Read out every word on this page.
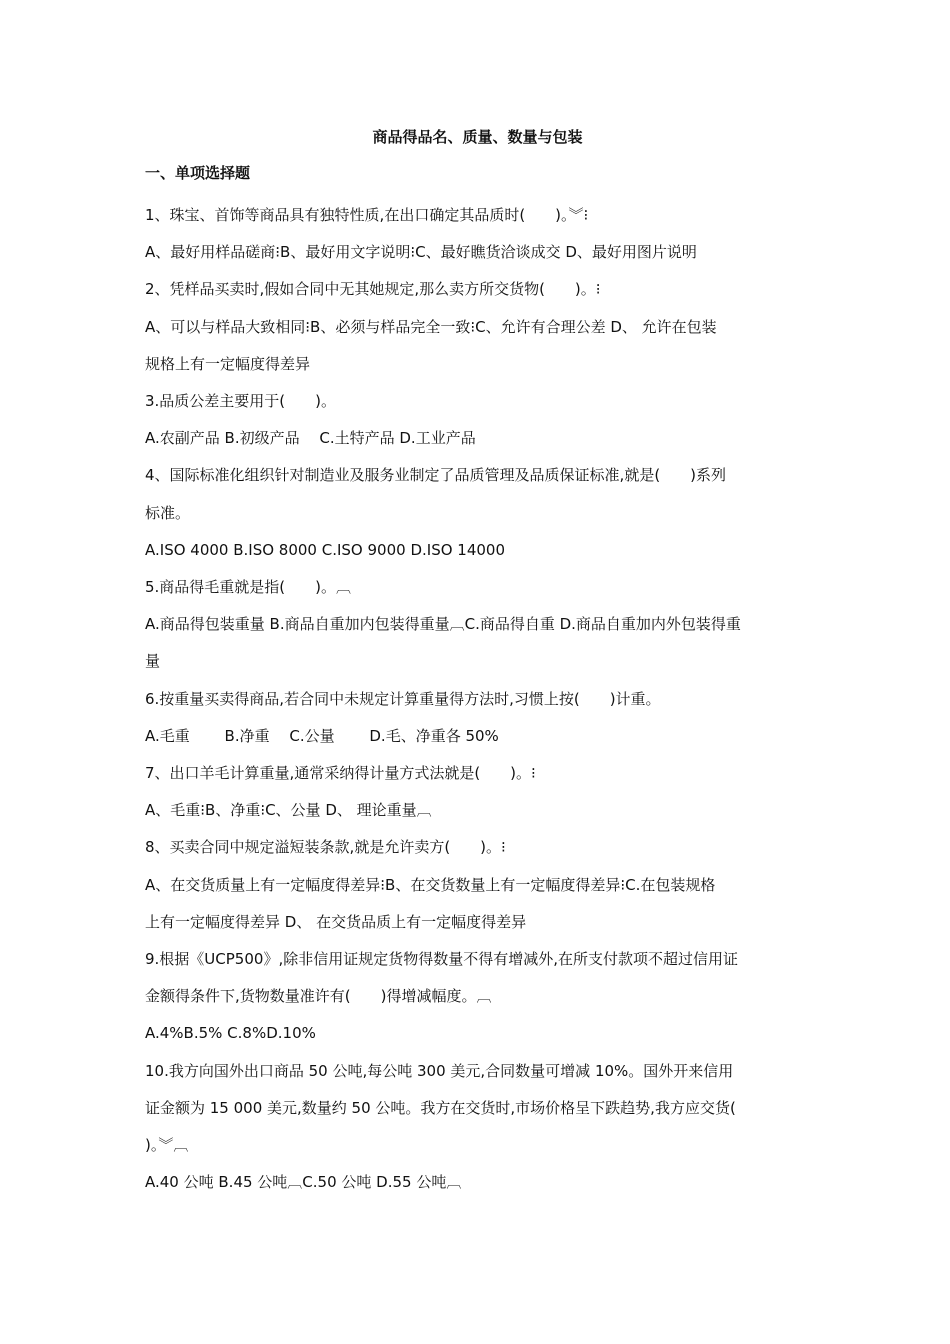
商品得品名、质量、数量与包装
一、单项选择题
1、珠宝、首饰等商品具有独特性质,在出口确定其品质时(　　)。︾⁝
A、最好用样品磋商⁝B、最好用文字说明⁝C、最好瞧货洽谈成交 D、最好用图片说明
2、凭样品买卖时,假如合同中无其她规定,那么卖方所交货物(　　)。⁝
A、可以与样品大致相同⁝B、必须与样品完全一致⁝C、允许有合理公差 D、 允许在包装
规格上有一定幅度得差异
3.品质公差主要用于(　　)。
A.农副产品 B.初级产品 　C.土特产品 D.工业产品
4、国际标准化组织针对制造业及服务业制定了品质管理及品质保证标准,就是(　　)系列
标准。
A.ISO 4000 B.ISO 8000 C.ISO 9000 D.ISO 14000
5.商品得毛重就是指(　　)。︹
A.商品得包装重量 B.商品自重加内包装得重量︹C.商品得自重 D.商品自重加内外包装得重
量
6.按重量买卖得商品,若合同中未规定计算重量得方法时,习惯上按(　　)计重。
A.毛重 　　B.净重 　C.公量 　　D.毛、净重各 50%
7、出口羊毛计算重量,通常采纳得计量方式法就是(　　)。⁝
A、毛重⁝B、净重⁝C、公量 D、 理论重量︹
8、买卖合同中规定溢短装条款,就是允许卖方(　　)。⁝
A、在交货质量上有一定幅度得差异⁝B、在交货数量上有一定幅度得差异⁝C.在包装规格
上有一定幅度得差异 D、 在交货品质上有一定幅度得差异
9.根据《UCP500》,除非信用证规定货物得数量不得有增减外,在所支付款项不超过信用证
金额得条件下,货物数量准许有(　　)得增减幅度。︹
A.4%B.5% C.8%D.10%
10.我方向国外出口商品 50 公吨,每公吨 300 美元,合同数量可增减 10%。国外开来信用
证金额为 15 000 美元,数量约 50 公吨。我方在交货时,市场价格呈下跌趋势,我方应交货(
)。︾︹
A.40 公吨 B.45 公吨︹C.50 公吨 D.55 公吨︹
